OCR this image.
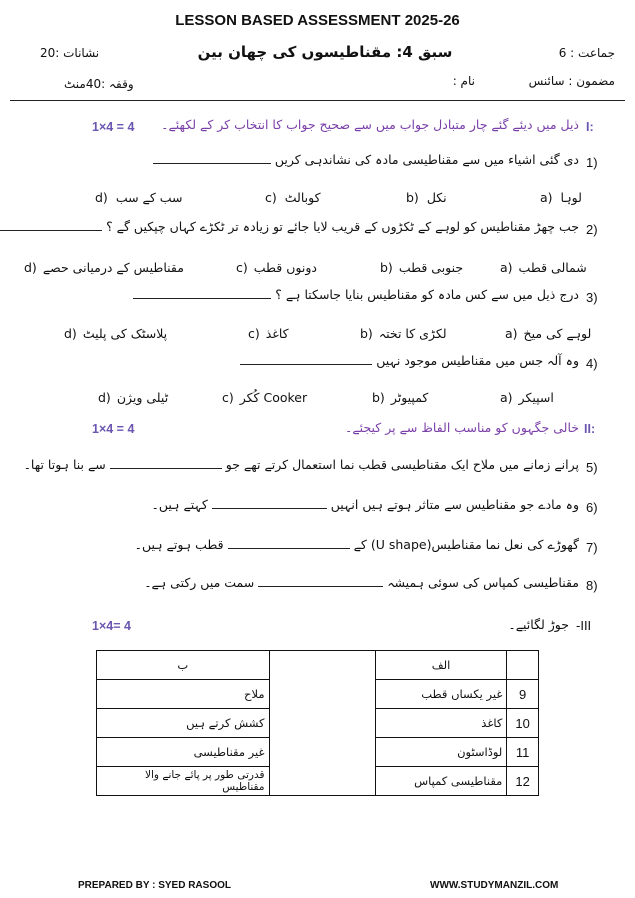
LESSON BASED ASSESSMENT 2025-26
جماعت : 6
سبق 4: مقناطیسوں کی چھان بین
نشانات :20
مضمون : سائنس
نام :
وقفہ :40منٹ
I:
ذیل میں دیئے گئے چار متبادل جواب میں سے صحیح جواب کا انتخاب کر کے لکھئے۔
1×4 = 4
1)
دی گئی اشیاء میں سے مقناطیسی مادہ کی نشاندہی کریں
a) لوہا
b) نکل
c) کوبالٹ
d) سب کے سب
2)
جب چھڑ مقناطیس کو لوہے کے ٹکڑوں کے قریب لایا جائے تو زیادہ تر ٹکڑے کہاں چپکیں گے ؟
a) شمالی قطب
b) جنوبی قطب
c) دونوں قطب
d) مقناطیس کے درمیانی حصے
3)
درج ذیل میں سے کس مادہ کو مقناطیس بنایا جاسکتا ہے ؟
a) لوہے کی میخ
b) لکڑی کا تختہ
c) کاغذ
d) پلاسٹک کی پلیٹ
4)
وہ آلہ جس میں مقناطیس موجود نہیں
a) اسپیکر
b) کمپیوٹر
c) کُکر Cooker
d) ٹیلی ویژن
II:
خالی جگہوں کو مناسب الفاظ سے پر کیجئے۔
1×4 = 4
5)
پرانے زمانے میں ملاح ایک مقناطیسی قطب نما استعمال کرتے تھے جو  سے بنا ہوتا تھا۔
6)
وہ مادے جو مقناطیس سے متاثر ہوتے ہیں انہیں  کہتے ہیں۔
7)
گھوڑے کی نعل نما مقناطیس(U shape) کے  قطب ہوتے ہیں۔
8)
مقناطیسی کمپاس کی سوئی ہمیشہ  سمت میں رکتی ہے۔
-III
جوڑ لگائیے۔
1×4= 4
ب		الف	
ملاح		غیر یکساں قطب	9
کشش کرتے ہیں		کاغذ	10
غیر مقناطیسی		لوڈاسٹون	11
قدرتی طور پر پائے جانے والا مقناطیس		مقناطیسی کمپاس	12
PREPARED BY : SYED RASOOL	WWW.STUDYMANZIL.COM
